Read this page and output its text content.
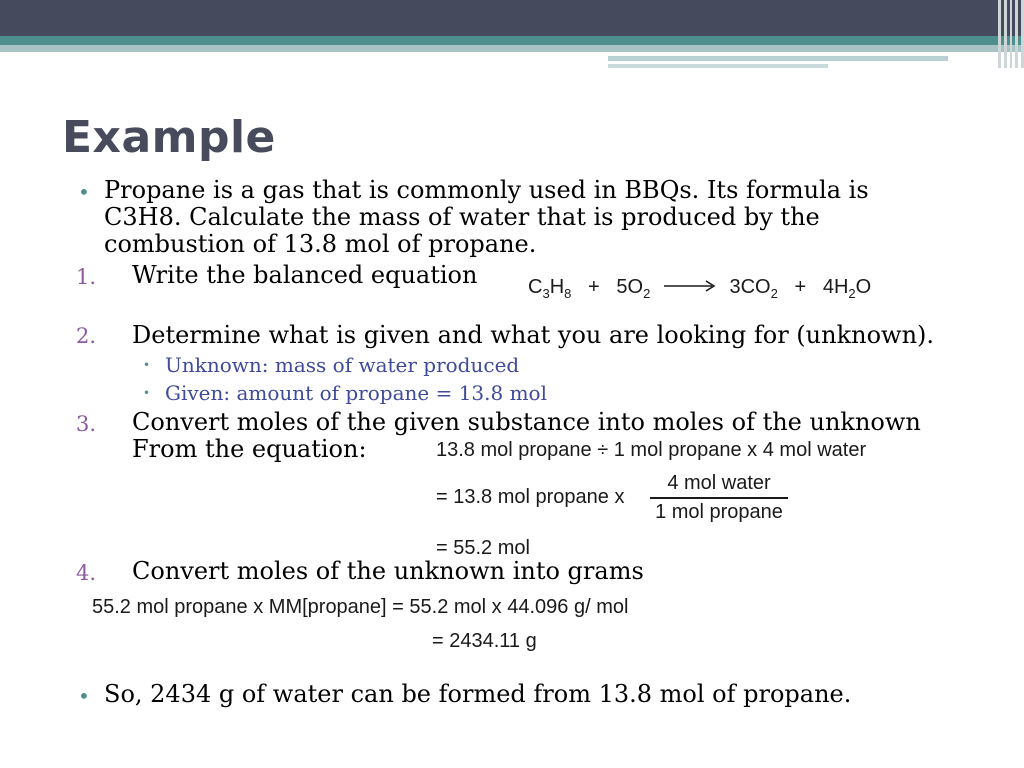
Example
• Propane is a gas that is commonly used in BBQs. Its formula is
C3H8. Calculate the mass of water that is produced by the
combustion of 13.8 mol of propane.
1. Write the balanced equation	$C_3H_8 + 5O_2 \to 3CO_2 + 4H_2O$
2. Determine what is given and what you are looking for (unknown).
• Unknown: mass of water produced
• Given: amount of propane = 13.8 mol
3. Convert moles of the given substance into moles of the unknown
From the equation:	13.8 mol propane ÷ 1 mol propane x 4 mol water
= 13.8 mol propane x
4 mol water
1 mol propane
= 55.2 mol
4. Convert moles of the unknown into grams
55.2 mol propane x MM[propane] = 55.2 mol x 44.096 g/ mol
= 2434.11 g
• So, 2434 g of water can be formed from 13.8 mol of propane.
